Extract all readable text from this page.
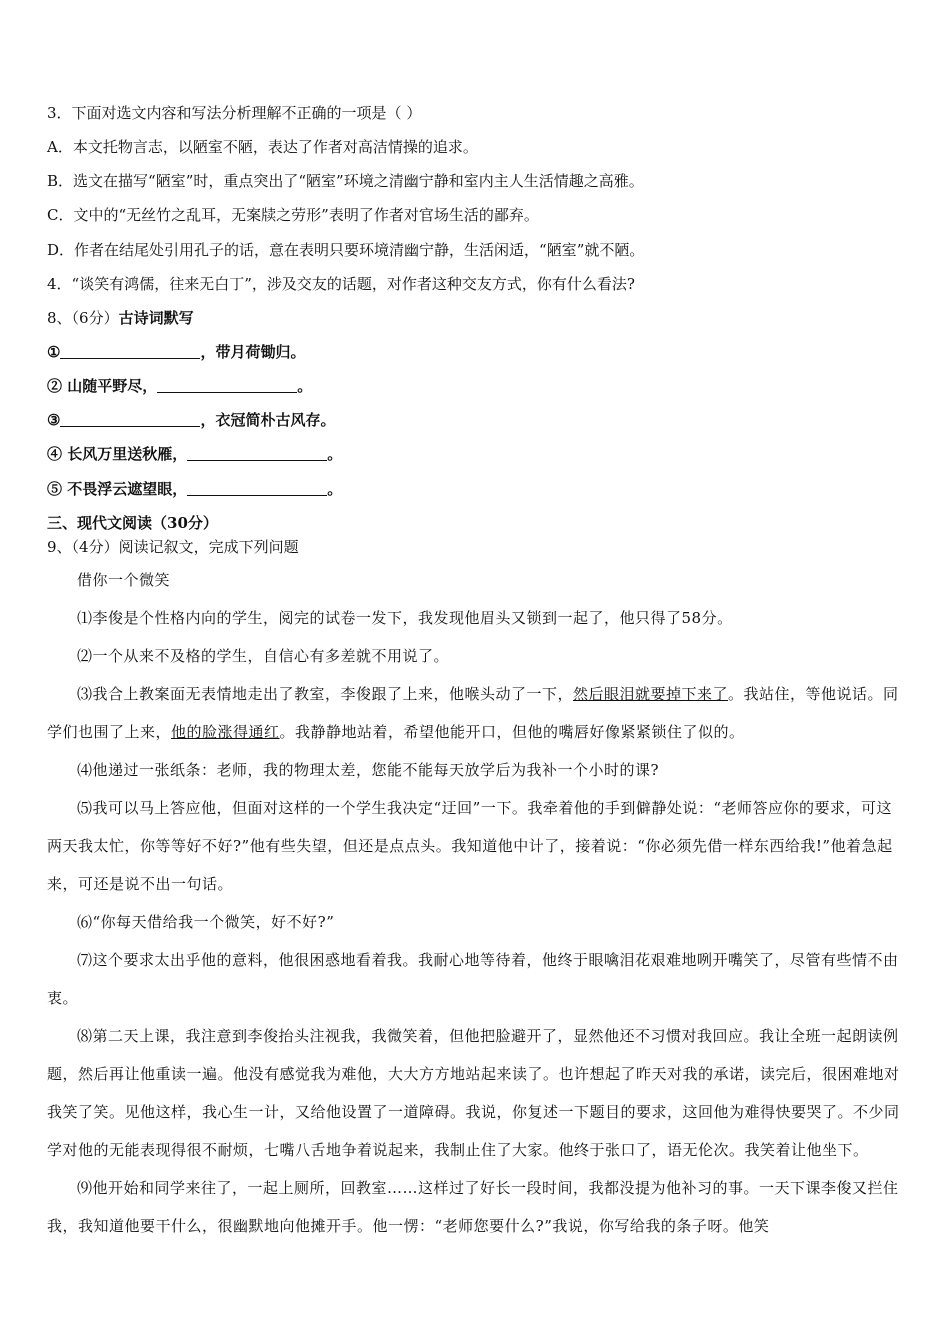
3．下面对选文内容和写法分析理解不正确的一项是（ ）
A．本文托物言志，以陋室不陋，表达了作者对高洁情操的追求。
B．选文在描写“陋室”时，重点突出了“陋室”环境之清幽宁静和室内主人生活情趣之高雅。
C．文中的“无丝竹之乱耳，无案牍之劳形”表明了作者对官场生活的鄙弃。
D．作者在结尾处引用孔子的话，意在表明只要环境清幽宁静，生活闲适，“陋室”就不陋。
4．“谈笑有鸿儒，往来无白丁”，涉及交友的话题，对作者这种交友方式，你有什么看法?
8、（6分）古诗词默写
①	，带月荷锄归。
② 山随平野尽，	。
③	，衣冠简朴古风存。
④ 长风万里送秋雁，	。
⑤ 不畏浮云遮望眼，	。
三、现代文阅读（30分）
9、（4分）阅读记叙文，完成下列问题

借你一个微笑

⑴李俊是个性格内向的学生，阅完的试卷一发下，我发现他眉头又锁到一起了，他只得了58分。

⑵一个从来不及格的学生，自信心有多差就不用说了。

⑶我合上教案面无表情地走出了教室，李俊跟了上来，他喉头动了一下，然后眼泪就要掉下来了。我站住，等他说话。同学们也围了上来，他的脸涨得通红。我静静地站着，希望他能开口，但他的嘴唇好像紧紧锁住了似的。

⑷他递过一张纸条：老师，我的物理太差，您能不能每天放学后为我补一个小时的课?

⑸我可以马上答应他，但面对这样的一个学生我决定“迂回”一下。我牵着他的手到僻静处说：“老师答应你的要求，可这两天我太忙，你等等好不好?”他有些失望，但还是点点头。我知道他中计了，接着说：“你必须先借一样东西给我!”他着急起来，可还是说不出一句话。

⑹“你每天借给我一个微笑，好不好?”

⑺这个要求太出乎他的意料，他很困惑地看着我。我耐心地等待着，他终于眼噙泪花艰难地咧开嘴笑了，尽管有些情不由衷。

⑻第二天上课，我注意到李俊抬头注视我，我微笑着，但他把脸避开了，显然他还不习惯对我回应。我让全班一起朗读例题，然后再让他重读一遍。他没有感觉我为难他，大大方方地站起来读了。也许想起了昨天对我的承诺，读完后，很困难地对我笑了笑。见他这样，我心生一计，又给他设置了一道障碍。我说，你复述一下题目的要求，这回他为难得快要哭了。不少同学对他的无能表现得很不耐烦，七嘴八舌地争着说起来，我制止住了大家。他终于张口了，语无伦次。我笑着让他坐下。

⑼他开始和同学来往了，一起上厕所，回教室……这样过了好长一段时间，我都没提为他补习的事。一天下课李俊又拦住我，我知道他要干什么，很幽默地向他摊开手。他一愣：“老师您要什么?”我说，你写给我的条子呀。他笑
